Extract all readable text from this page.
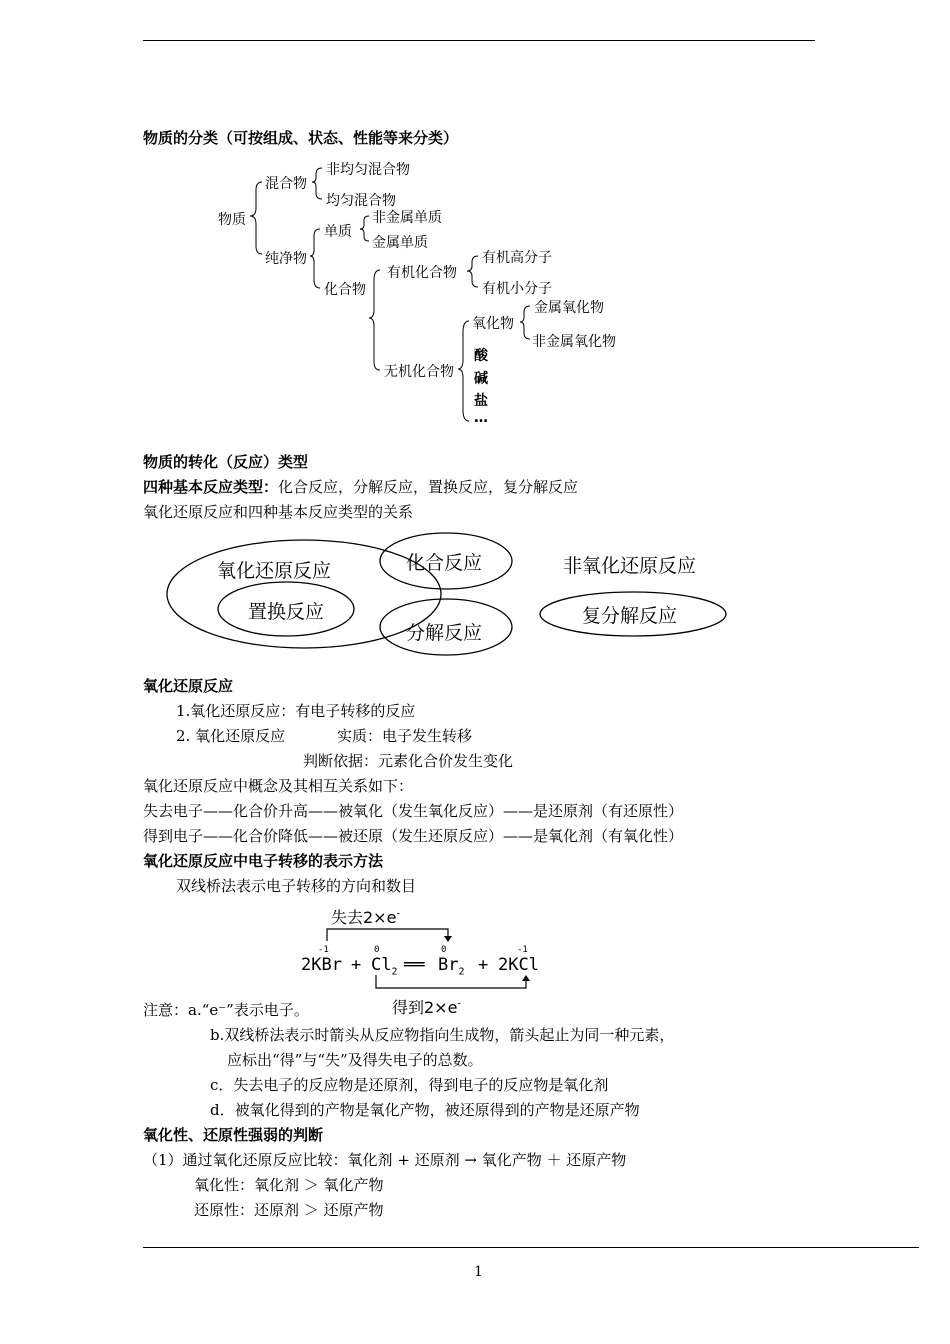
1
物质的分类（可按组成、状态、性能等来分类）
物质
混合物
非均匀混合物
均匀混合物
纯净物
单质
非金属单质
金属单质
化合物
有机化合物
有机高分子
有机小分子
无机化合物
氧化物
金属氧化物
非金属氧化物
酸
碱
盐
…
物质的转化（反应）类型
四种基本反应类型：化合反应，分解反应，置换反应，复分解反应
氧化还原反应和四种基本反应类型的关系
氧化还原反应
置换反应
化合反应
分解反应
非氧化还原反应
复分解反应
氧化还原反应
1.氧化还原反应：有电子转移的反应
2. 氧化还原反应	实质：电子发生转移
判断依据：元素化合价发生变化
氧化还原反应中概念及其相互关系如下：
失去电子——化合价升高——被氧化（发生氧化反应）——是还原剂（有还原性）
得到电子——化合价降低——被还原（发生还原反应）——是氧化剂（有氧化性）
氧化还原反应中电子转移的表示方法
双线桥法表示电子转移的方向和数目
失去2×e-
-1	0	0	-1
$2KBr + Cl_2$ ══ $Br_2 + 2KCl$
得到2×e-
注意：a.“e⁻”表示电子。
b.双线桥法表示时箭头从反应物指向生成物，箭头起止为同一种元素，
应标出“得”与“失”及得失电子的总数。
c．失去电子的反应物是还原剂，得到电子的反应物是氧化剂
d．被氧化得到的产物是氧化产物，被还原得到的产物是还原产物
氧化性、还原性强弱的判断
（1）通过氧化还原反应比较：氧化剂 + 还原剂 → 氧化产物 ＋ 还原产物
氧化性：氧化剂 ＞ 氧化产物
还原性：还原剂 ＞ 还原产物
